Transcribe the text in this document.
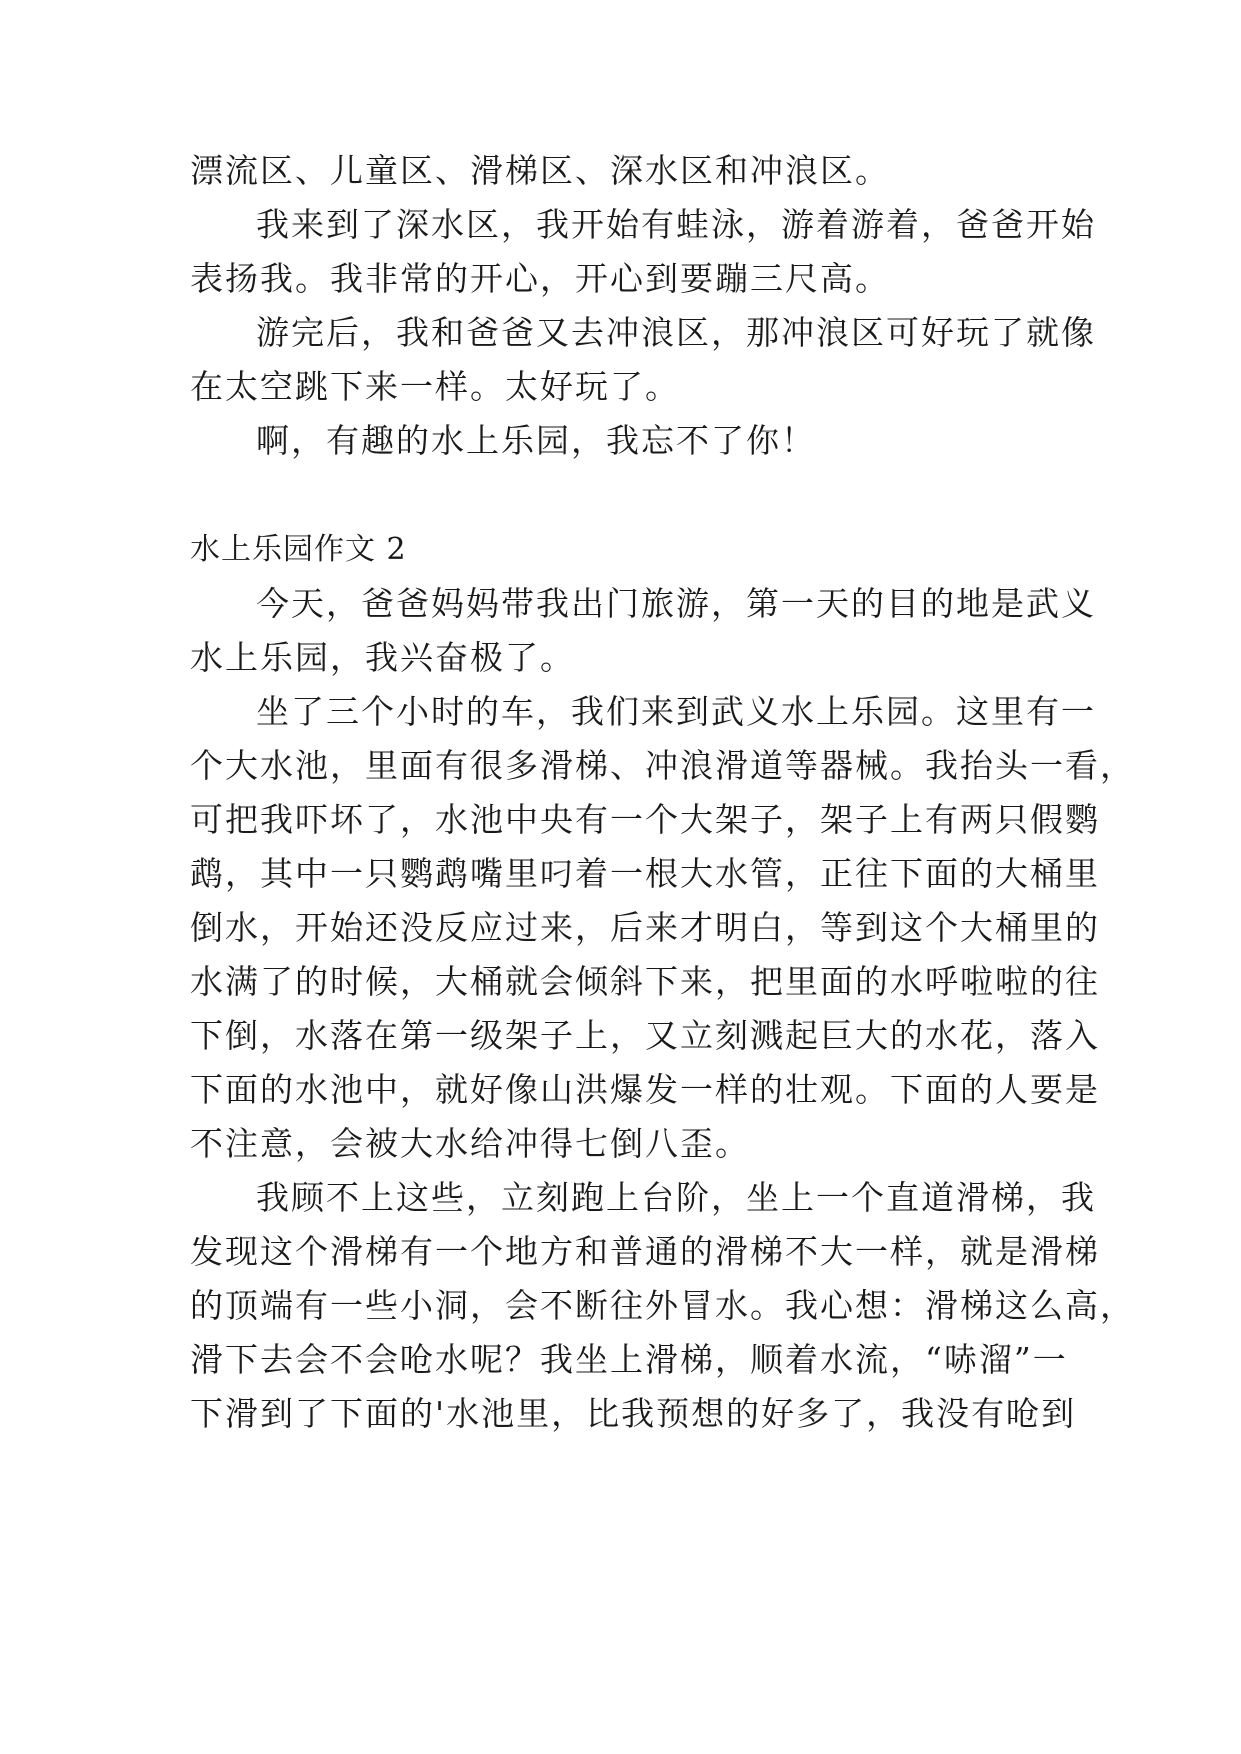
漂流区、儿童区、滑梯区、深水区和冲浪区。
我来到了深水区，我开始有蛙泳，游着游着，爸爸开始
表扬我。我非常的开心，开心到要蹦三尺高。
游完后，我和爸爸又去冲浪区，那冲浪区可好玩了就像
在太空跳下来一样。太好玩了。
啊，有趣的水上乐园，我忘不了你！
水上乐园作文 2
今天，爸爸妈妈带我出门旅游，第一天的目的地是武义
水上乐园，我兴奋极了。
坐了三个小时的车，我们来到武义水上乐园。这里有一
个大水池，里面有很多滑梯、冲浪滑道等器械。我抬头一看，
可把我吓坏了，水池中央有一个大架子，架子上有两只假鹦
鹉，其中一只鹦鹉嘴里叼着一根大水管，正往下面的大桶里
倒水，开始还没反应过来，后来才明白，等到这个大桶里的
水满了的时候，大桶就会倾斜下来，把里面的水呼啦啦的往
下倒，水落在第一级架子上，又立刻溅起巨大的水花，落入
下面的水池中，就好像山洪爆发一样的壮观。下面的人要是
不注意，会被大水给冲得七倒八歪。
我顾不上这些，立刻跑上台阶，坐上一个直道滑梯，我
发现这个滑梯有一个地方和普通的滑梯不大一样，就是滑梯
的顶端有一些小洞，会不断往外冒水。我心想：滑梯这么高，
滑下去会不会呛水呢？我坐上滑梯，顺着水流，“哧溜”一
下滑到了下面的'水池里，比我预想的好多了，我没有呛到
